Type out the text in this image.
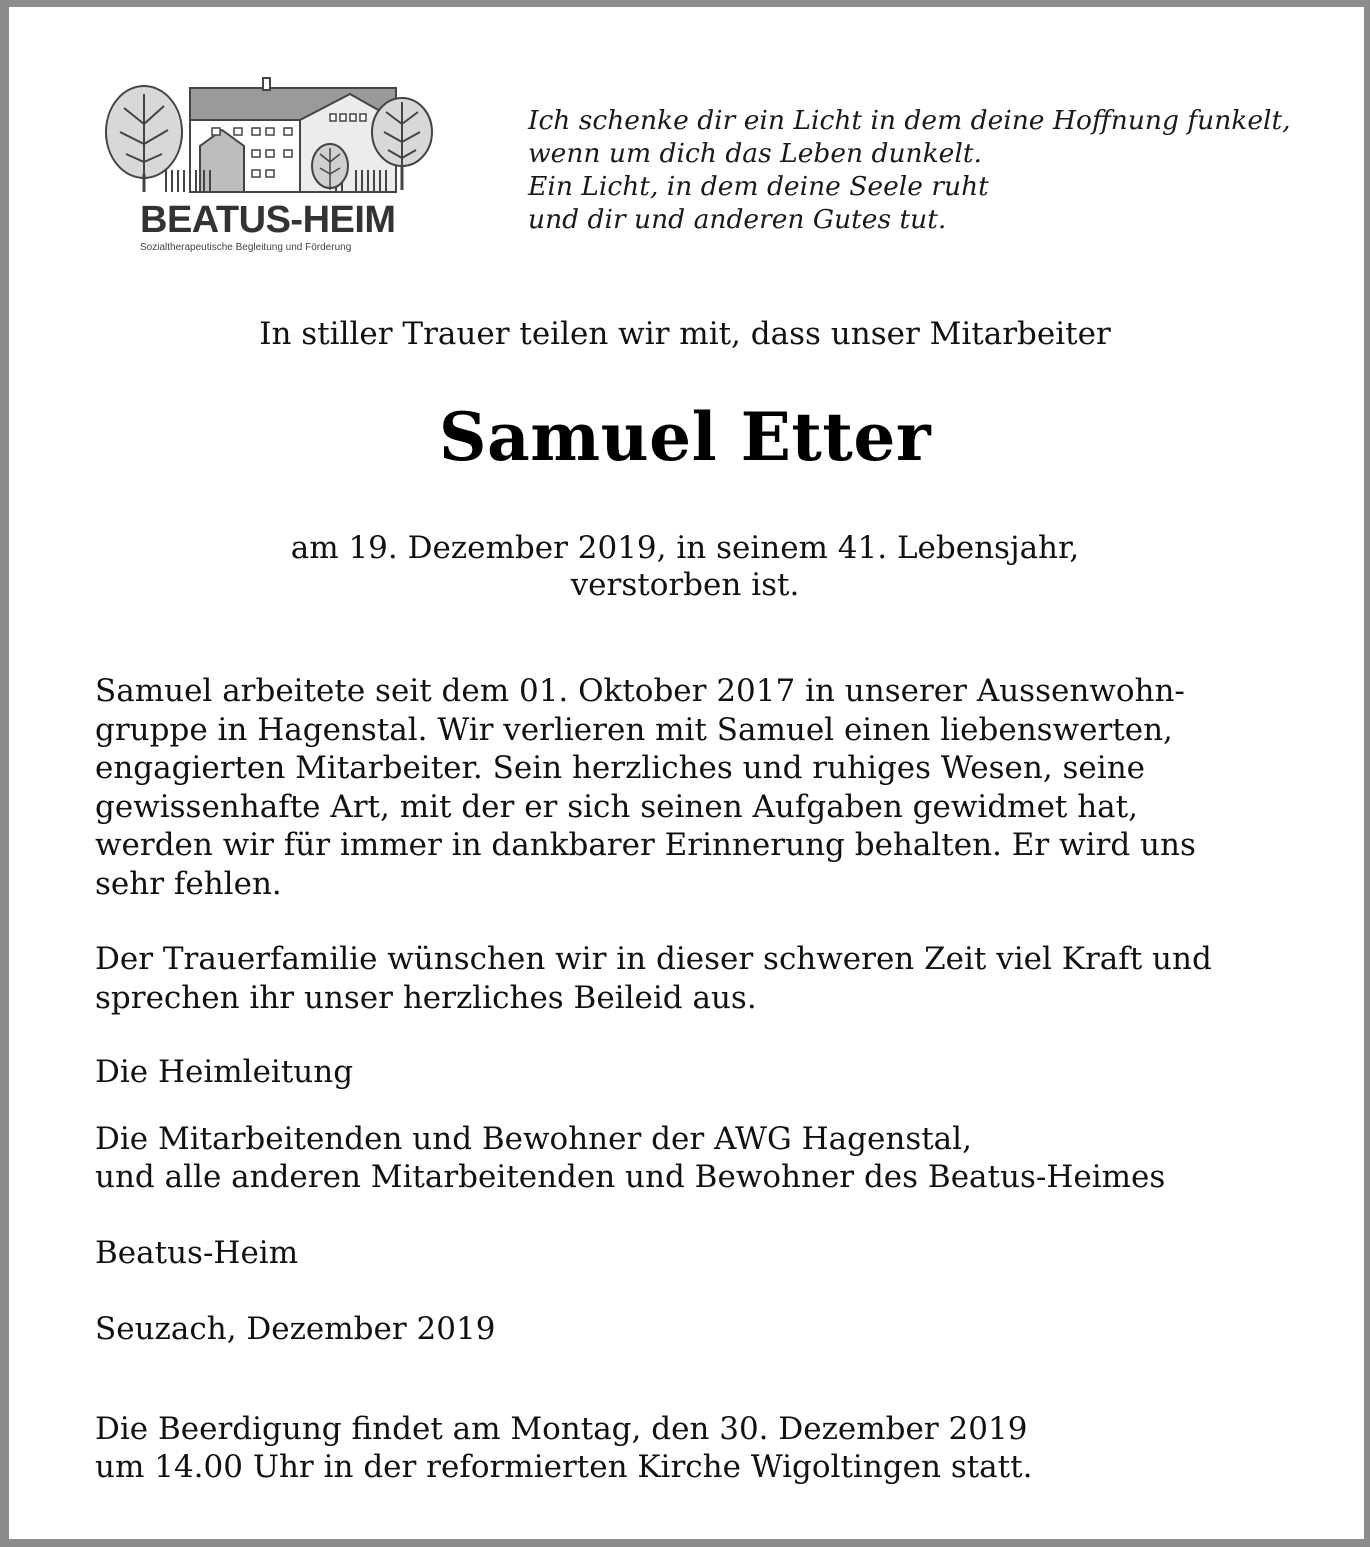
BEATUS-HEIM
Sozialtherapeutische Begleitung und Förderung
Ich schenke dir ein Licht in dem deine Hoffnung funkelt,
wenn um dich das Leben dunkelt.
Ein Licht, in dem deine Seele ruht
und dir und anderen Gutes tut.
In stiller Trauer teilen wir mit, dass unser Mitarbeiter
Samuel Etter
am 19. Dezember 2019, in seinem 41. Lebensjahr,
verstorben ist.
Samuel arbeitete seit dem 01. Oktober 2017 in unserer Aussenwohn-
gruppe in Hagenstal. Wir verlieren mit Samuel einen liebenswerten,
engagierten Mitarbeiter. Sein herzliches und ruhiges Wesen, seine
gewissenhafte Art, mit der er sich seinen Aufgaben gewidmet hat,
werden wir für immer in dankbarer Erinnerung behalten. Er wird uns
sehr fehlen.
Der Trauerfamilie wünschen wir in dieser schweren Zeit viel Kraft und
sprechen ihr unser herzliches Beileid aus.
Die Heimleitung
Die Mitarbeitenden und Bewohner der AWG Hagenstal,
und alle anderen Mitarbeitenden und Bewohner des Beatus-Heimes
Beatus-Heim
Seuzach, Dezember 2019
Die Beerdigung findet am Montag, den 30. Dezember 2019
um 14.00 Uhr in der reformierten Kirche Wigoltingen statt.
